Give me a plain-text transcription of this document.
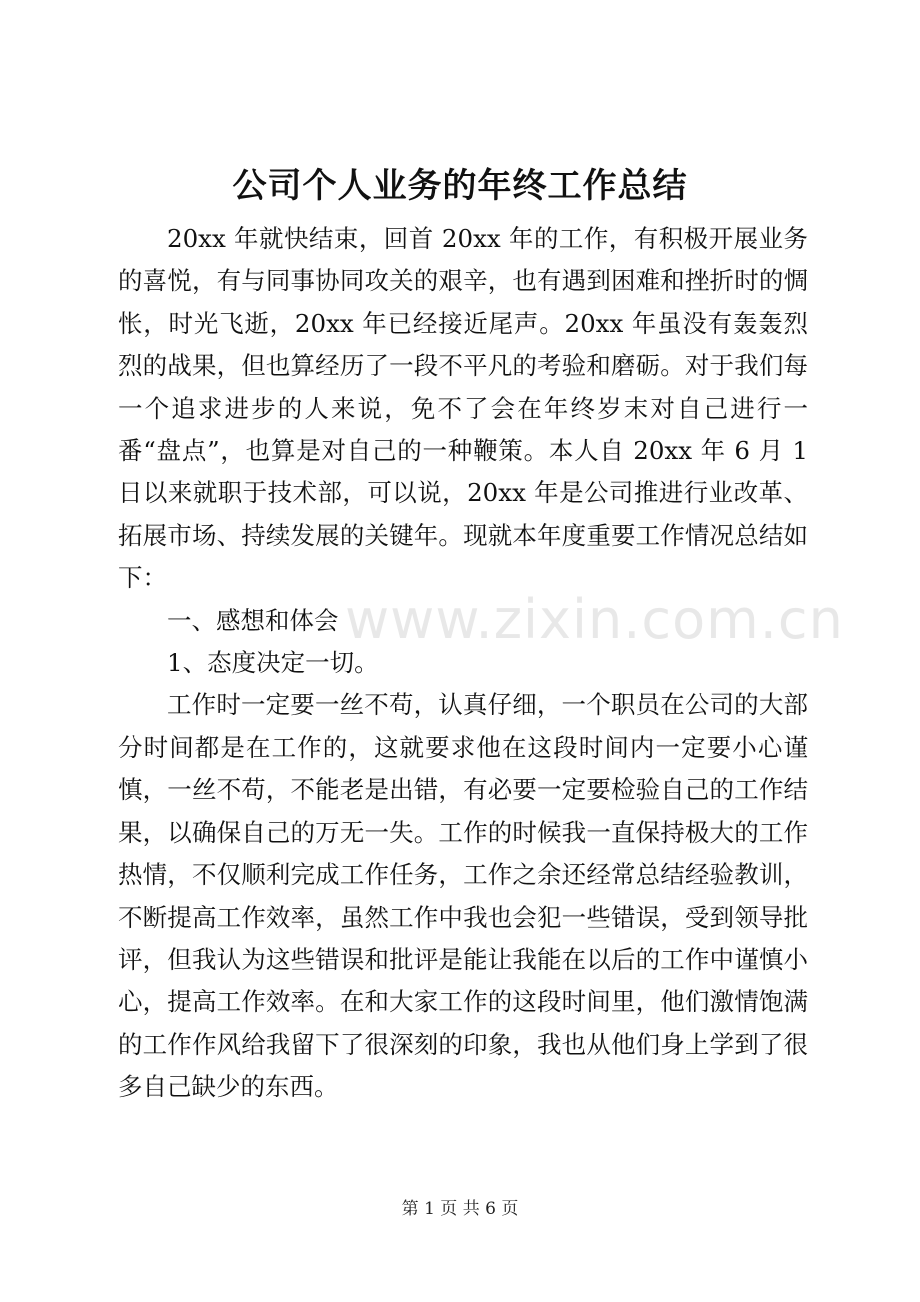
公司个人业务的年终工作总结

20xx 年就快结束，回首 20xx 年的工作，有积极开展业务的喜悦，有与同事协同攻关的艰辛，也有遇到困难和挫折时的惆怅，时光飞逝，20xx 年已经接近尾声。20xx 年虽没有轰轰烈烈的战果，但也算经历了一段不平凡的考验和磨砺。对于我们每一个追求进步的人来说，免不了会在年终岁末对自己进行一番“盘点”，也算是对自己的一种鞭策。本人自 20xx 年 6 月 1 日以来就职于技术部，可以说，20xx 年是公司推进行业改革、拓展市场、持续发展的关键年。现就本年度重要工作情况总结如下：

一、感想和体会

1、态度决定一切。

工作时一定要一丝不苟，认真仔细，一个职员在公司的大部分时间都是在工作的，这就要求他在这段时间内一定要小心谨慎，一丝不苟，不能老是出错，有必要一定要检验自己的工作结果，以确保自己的万无一失。工作的时候我一直保持极大的工作热情，不仅顺利完成工作任务，工作之余还经常总结经验教训，不断提高工作效率，虽然工作中我也会犯一些错误，受到领导批评，但我认为这些错误和批评是能让我能在以后的工作中谨慎小心，提高工作效率。在和大家工作的这段时间里，他们激情饱满的工作作风给我留下了很深刻的印象，我也从他们身上学到了很多自己缺少的东西。

www.zixin.com.cn
第 1 页 共 6 页
